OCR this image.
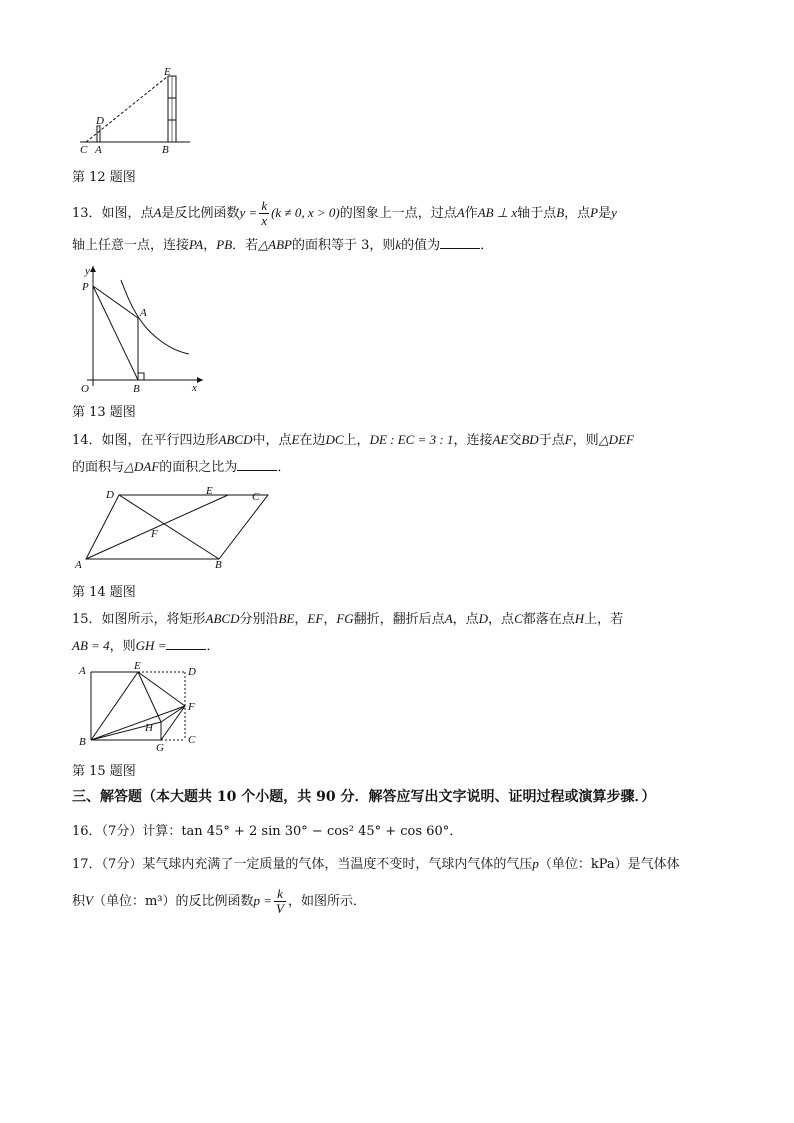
E
D
C A	B
第 12 题图
13．如图，点A是反比例函数$y = \frac{k}{x} (k \ne 0$, x > 0)的图象上一点，过点A作AB ⊥ x轴于点B，点P是y
轴上任意一点，连接PA，PB．若△ABP的面积等于 3，则k的值为	．
y
P
A
O	B	x
第 13 题图
14．如图，在平行四边形ABCD中，点E在边DC上，DE : EC = 3 : 1，连接AE交BD于点F，则△DEF
的面积与△DAF的面积之比为	．
D	E	C
F
A	B
第 14 题图
15．如图所示，将矩形ABCD分别沿BE，EF，FG翻折，翻折后点A，点D，点C都落在点H上，若
AB = 4，则GH =	．
A	E	D
F
H
B	G
C
第 15 题图
三、解答题（本大题共 10 个小题，共 90 分．解答应写出文字说明、证明过程或演算步骤．）
16．（7分）计算：tan 45° + 2 sin 30° − cos² 45° + cos 60°．
17．（7分）某气球内充满了一定质量的气体，当温度不变时，气球内气体的气压p（单位：kPa）是气体体
积V（单位：m³）的反比例函数$p = \frac{k}{V}$ ，如图所示．
